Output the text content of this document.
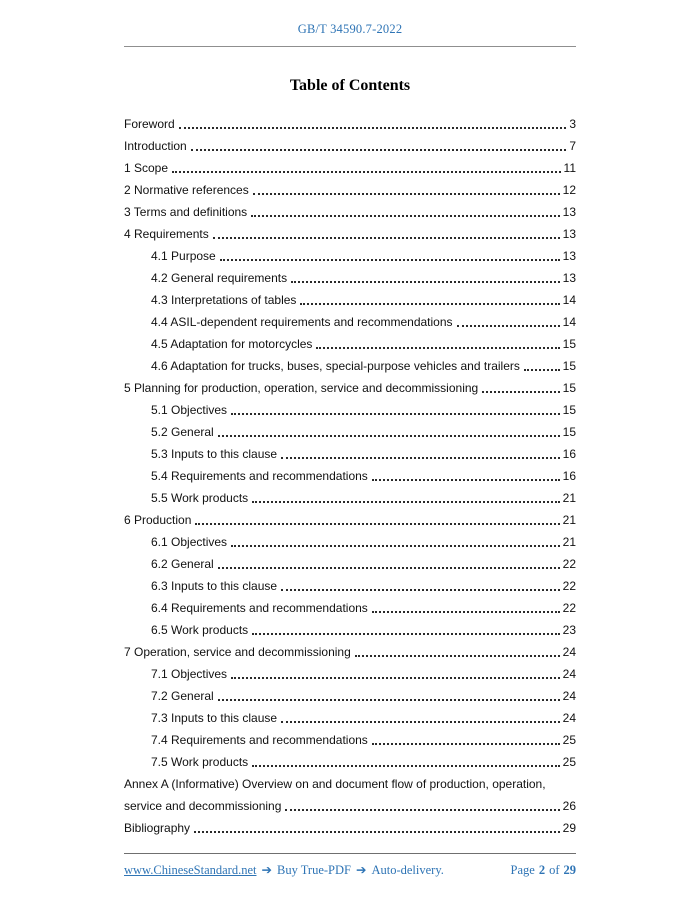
GB/T 34590.7-2022
Table of Contents
Foreword	3
Introduction	7
1 Scope	11
2 Normative references	12
3 Terms and definitions	13
4 Requirements	13
4.1 Purpose	13
4.2 General requirements	13
4.3 Interpretations of tables	14
4.4 ASIL-dependent requirements and recommendations	14
4.5 Adaptation for motorcycles	15
4.6 Adaptation for trucks, buses, special-purpose vehicles and trailers	15
5 Planning for production, operation, service and decommissioning	15
5.1 Objectives	15
5.2 General	15
5.3 Inputs to this clause	16
5.4 Requirements and recommendations	16
5.5 Work products	21
6 Production	21
6.1 Objectives	21
6.2 General	22
6.3 Inputs to this clause	22
6.4 Requirements and recommendations	22
6.5 Work products	23
7 Operation, service and decommissioning	24
7.1 Objectives	24
7.2 General	24
7.3 Inputs to this clause	24
7.4 Requirements and recommendations	25
7.5 Work products	25
Annex A (Informative) Overview on and document flow of production, operation,
service and decommissioning	26
Bibliography	29
www.ChineseStandard.net ➔ Buy True-PDF ➔ Auto-delivery.	Page 2 of 29
